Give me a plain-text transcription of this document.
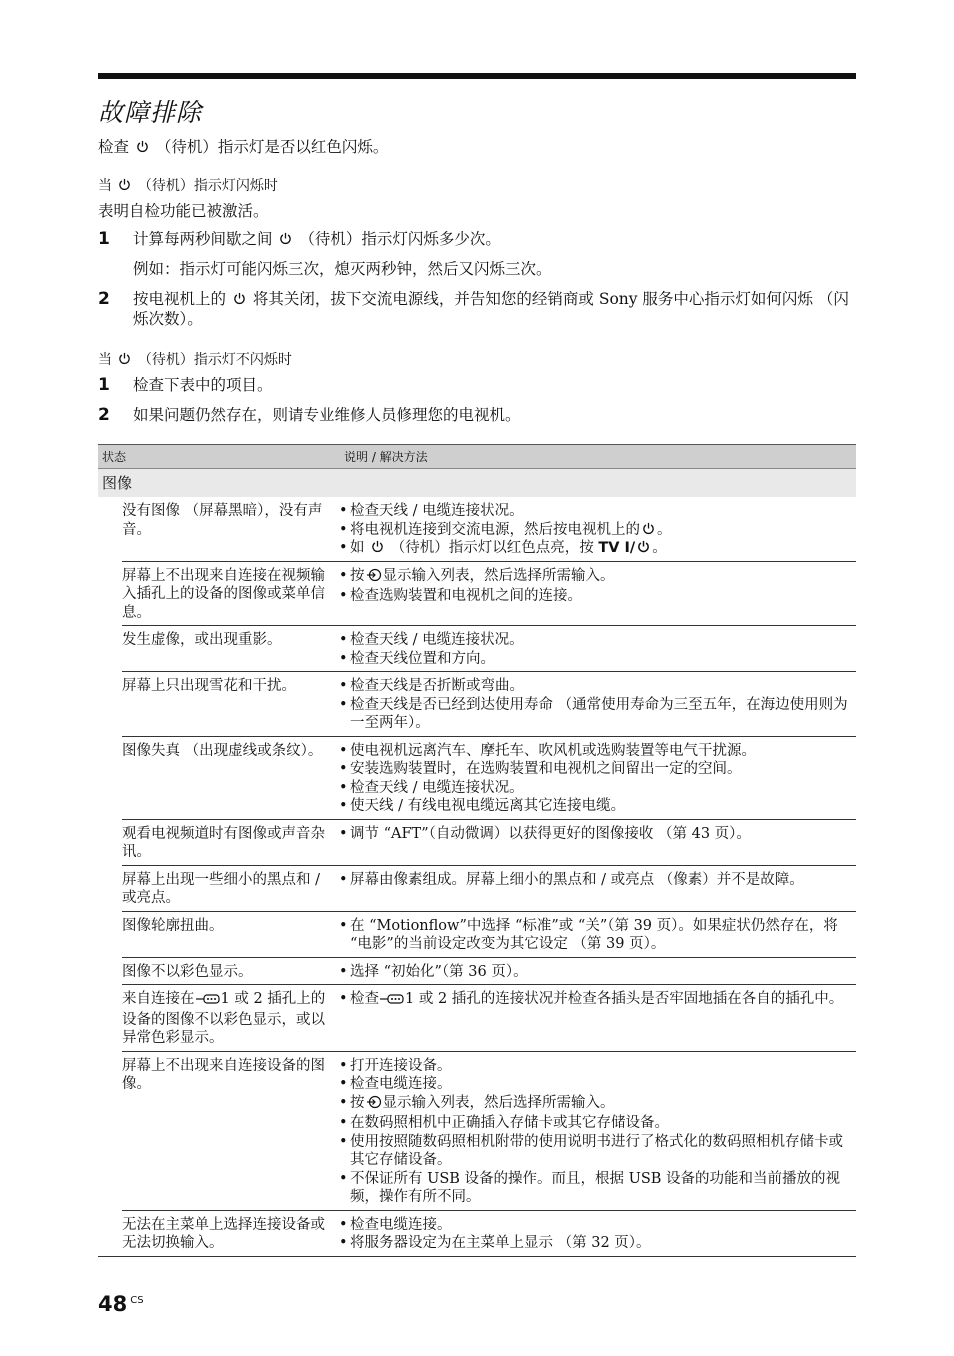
故障排除

检查 （待机）指示灯是否以红色闪烁。

当 （待机）指示灯闪烁时

表明自检功能已被激活。

1	计算每两秒间歇之间 （待机）指示灯闪烁多少次。

例如：指示灯可能闪烁三次，熄灭两秒钟，然后又闪烁三次。

2	按电视机上的 将其关闭，拔下交流电源线，并告知您的经销商或 Sony 服务中心指示灯如何闪烁 （闪烁次数）。

当 （待机）指示灯不闪烁时

1	检查下表中的项目。
2	如果问题仍然存在，则请专业维修人员修理您的电视机。
状态	说明 / 解决方法
图像
没有图像 （屏幕黑暗），没有声音。
• 检查天线 / 电缆连接状况。
• 将电视机连接到交流电源，然后按电视机上的 。
• 如 （待机）指示灯以红色点亮，按 TV I/ 。
屏幕上不出现来自连接在视频输入插孔上的设备的图像或菜单信息。
• 按 显示输入列表，然后选择所需输入。
• 检查选购装置和电视机之间的连接。
发生虚像，或出现重影。	• 检查天线 / 电缆连接状况。
• 检查天线位置和方向。
屏幕上只出现雪花和干扰。	• 检查天线是否折断或弯曲。
• 检查天线是否已经到达使用寿命 （通常使用寿命为三至五年，在海边使用则为一至两年）。
图像失真 （出现虚线或条纹）。	• 使电视机远离汽车、摩托车、吹风机或选购装置等电气干扰源。
• 安装选购装置时，在选购装置和电视机之间留出一定的空间。
• 检查天线 / 电缆连接状况。
• 使天线 / 有线电视电缆远离其它连接电缆。
观看电视频道时有图像或声音杂讯。
• 调节 “AFT”（自动微调）以获得更好的图像接收 （第 43 页）。
屏幕上出现一些细小的黑点和 / 或亮点。
• 屏幕由像素组成。屏幕上细小的黑点和 / 或亮点 （像素）并不是故障。
图像轮廓扭曲。	• 在 “Motionflow”中选择 “标准”或 “关”（第 39 页）。如果症状仍然存在，将 “电影”的当前设定改变为其它设定 （第 39 页）。
图像不以彩色显示。	• 选择 “初始化”（第 36 页）。
来自连接在 1 或 2 插孔上的设备的图像不以彩色显示，或以异常色彩显示。
• 检查 1 或 2 插孔的连接状况并检查各插头是否牢固地插在各自的插孔中。
屏幕上不出现来自连接设备的图像。
• 打开连接设备。
• 检查电缆连接。
• 按 显示输入列表，然后选择所需输入。
• 在数码照相机中正确插入存储卡或其它存储设备。
• 使用按照随数码照相机附带的使用说明书进行了格式化的数码照相机存储卡或其它存储设备。
• 不保证所有 USB 设备的操作。而且，根据 USB 设备的功能和当前播放的视频，操作有所不同。
无法在主菜单上选择连接设备或无法切换输入。
• 检查电缆连接。
• 将服务器设定为在主菜单上显示 （第 32 页）。
48 $^{CS}$
